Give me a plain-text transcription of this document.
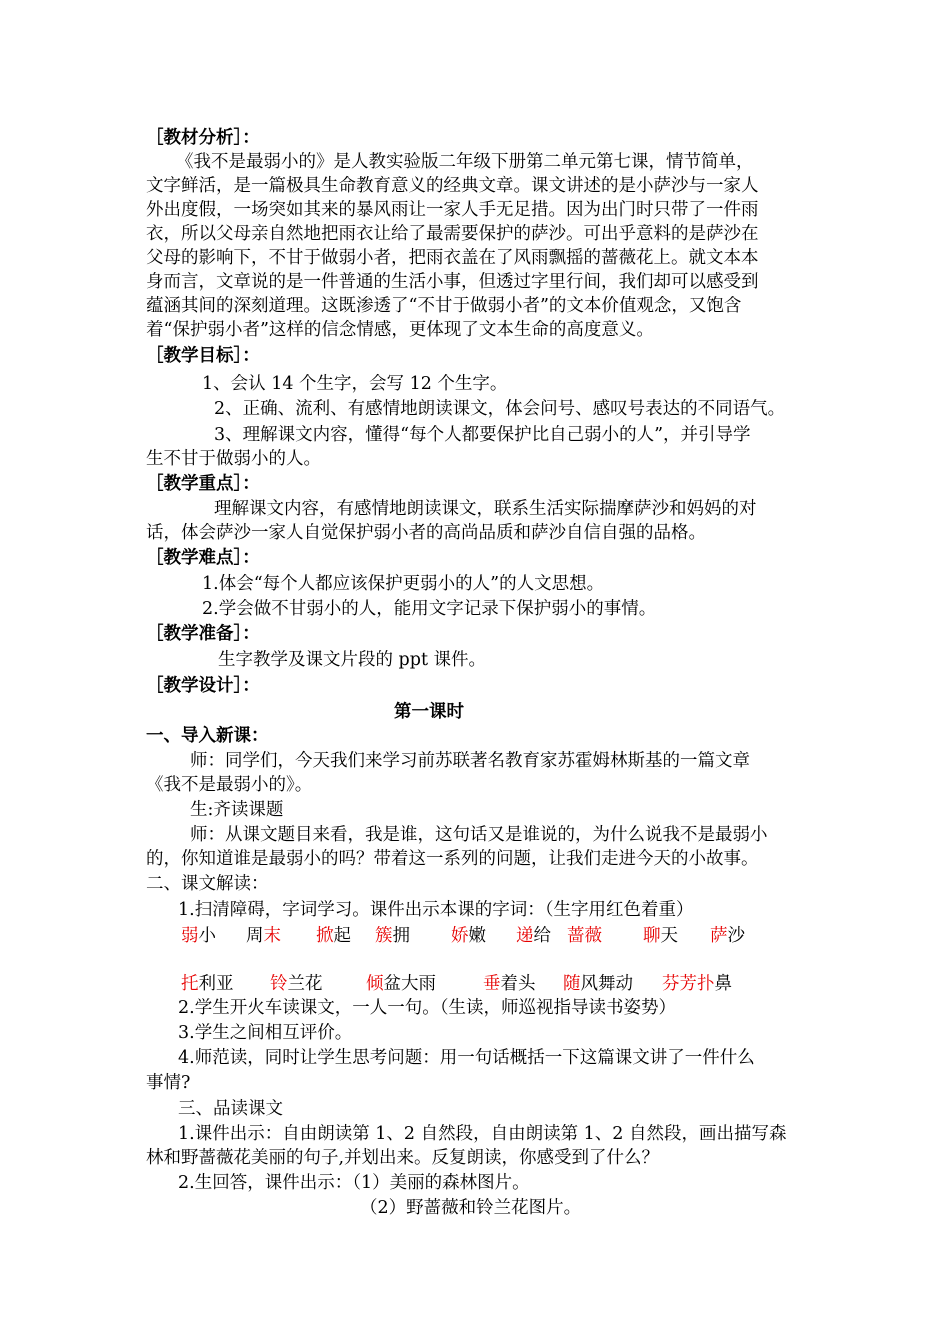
［教材分析］：
《我不是最弱小的》是人教实验版二年级下册第二单元第七课，情节简单，
文字鲜活，是一篇极具生命教育意义的经典文章。课文讲述的是小萨沙与一家人
外出度假，一场突如其来的暴风雨让一家人手无足措。因为出门时只带了一件雨
衣，所以父母亲自然地把雨衣让给了最需要保护的萨沙。可出乎意料的是萨沙在
父母的影响下，不甘于做弱小者，把雨衣盖在了风雨飘摇的蔷薇花上。就文本本
身而言，文章说的是一件普通的生活小事，但透过字里行间，我们却可以感受到
蕴涵其间的深刻道理。这既渗透了“不甘于做弱小者”的文本价值观念，又饱含
着“保护弱小者”这样的信念情感，更体现了文本生命的高度意义。
［教学目标］：
1、会认 14 个生字，会写 12 个生字。
2、正确、流利、有感情地朗读课文，体会问号、感叹号表达的不同语气。
3、理解课文内容，懂得“每个人都要保护比自己弱小的人”，并引导学
生不甘于做弱小的人。
［教学重点］：
理解课文内容，有感情地朗读课文，联系生活实际揣摩萨沙和妈妈的对
话，体会萨沙一家人自觉保护弱小者的高尚品质和萨沙自信自强的品格。
［教学难点］：
1.体会“每个人都应该保护更弱小的人”的人文思想。
2.学会做不甘弱小的人，能用文字记录下保护弱小的事情。
［教学准备］：
生字教学及课文片段的 ppt 课件。
［教学设计］：
第一课时
一、导入新课：
师：同学们，今天我们来学习前苏联著名教育家苏霍姆林斯基的一篇文章
《我不是最弱小的》。
生:齐读课题
师：从课文题目来看，我是谁，这句话又是谁说的，为什么说我不是最弱小
的，你知道谁是最弱小的吗？带着这一系列的问题，让我们走进今天的小故事。
二、课文解读：
1.扫清障碍，字词学习。课件出示本课的字词：（生字用红色着重）
弱小 周末 掀起 簇拥 娇嫩 递给 蔷薇 聊天 萨沙
托利亚 铃兰花 倾盆大雨	垂着头 随风舞动 芬芳扑鼻
2.学生开火车读课文，一人一句。（生读，师巡视指导读书姿势）
3.学生之间相互评价。
4.师范读，同时让学生思考问题：用一句话概括一下这篇课文讲了一件什么
事情?
三、品读课文
1.课件出示：自由朗读第 1、2 自然段，自由朗读第 1、2 自然段，画出描写森
林和野蔷薇花美丽的句子,并划出来。反复朗读，你感受到了什么？
2.生回答，课件出示：（1）美丽的森林图片。
（2）野蔷薇和铃兰花图片。
